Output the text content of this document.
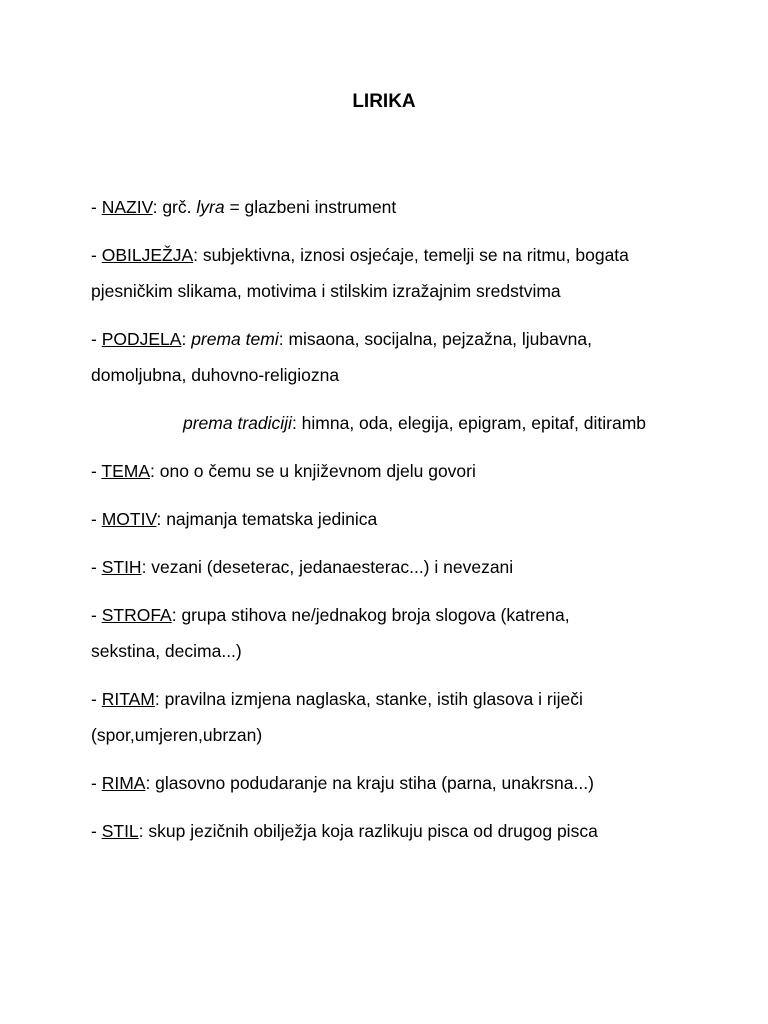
LIRIKA

- NAZIV: grč. lyra = glazbeni instrument

- OBILJEŽJA: subjektivna, iznosi osjećaje, temelji se na ritmu, bogata

pjesničkim slikama, motivima i stilskim izražajnim sredstvima

- PODJELA: prema temi: misaona, socijalna, pejzažna, ljubavna,

domoljubna, duhovno-religiozna

prema tradiciji: himna, oda, elegija, epigram, epitaf, ditiramb

- TEMA: ono o čemu se u književnom djelu govori

- MOTIV: najmanja tematska jedinica

- STIH: vezani (deseterac, jedanaesterac...) i nevezani

- STROFA: grupa stihova ne/jednakog broja slogova (katrena,

sekstina, decima...)

- RITAM: pravilna izmjena naglaska, stanke, istih glasova i riječi

(spor,umjeren,ubrzan)

- RIMA: glasovno podudaranje na kraju stiha (parna, unakrsna...)

- STIL: skup jezičnih obilježja koja razlikuju pisca od drugog pisca
